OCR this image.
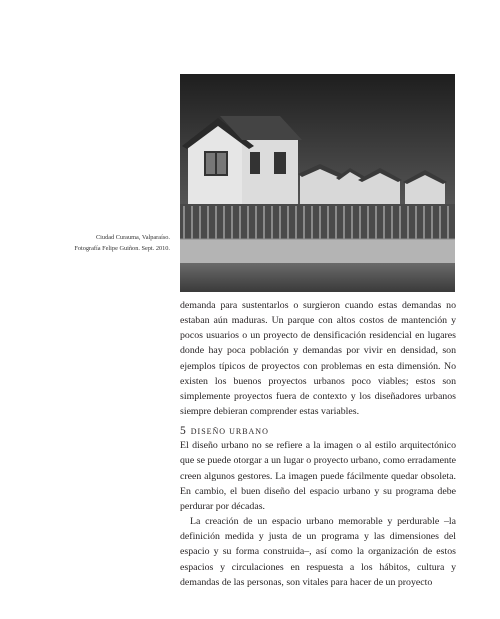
Ciudad Curauma, Valparaíso.
Fotografía Felipe Guiñon. Sept. 2010.

demanda para sustentarlos o surgieron cuando estas demandas no estaban aún maduras. Un parque con altos costos de mantención y pocos usuarios o un proyecto de densificación residencial en lugares donde hay poca población y demandas por vivir en densidad, son ejemplos típicos de proyectos con problemas en esta dimensión. No existen los buenos proyectos urbanos poco viables; estos son simplemente proyectos fuera de contexto y los diseñadores urbanos siempre debieran comprender estas variables.

5 DISEÑO URBANO

El diseño urbano no se refiere a la imagen o al estilo arquitectónico que se puede otorgar a un lugar o proyecto urbano, como erradamente creen algunos gestores. La imagen puede fácilmente quedar obsoleta. En cambio, el buen diseño del espacio urbano y su programa debe perdurar por décadas.

La creación de un espacio urbano memorable y perdurable –la definición medida y justa de un programa y las dimensiones del espacio y su forma construida–, así como la organización de estos espacios y circulaciones en respuesta a los hábitos, cultura y demandas de las personas, son vitales para hacer de un proyecto
